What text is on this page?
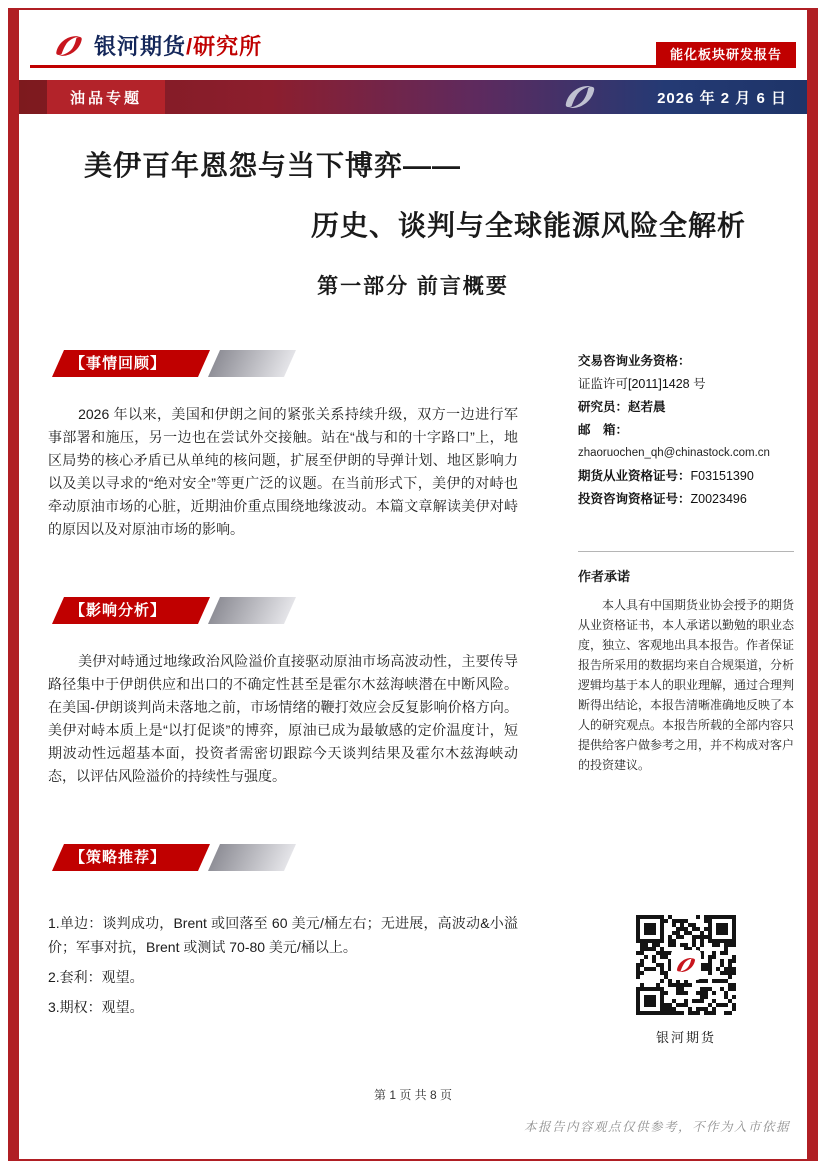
银河期货/研究所	能化板块研发报告
油品专题	2026 年 2 月 6 日
美伊百年恩怨与当下博弈——
历史、谈判与全球能源风险全解析
第一部分 前言概要
【事情回顾】

2026 年以来，美国和伊朗之间的紧张关系持续升级，双方一边进行军事部署和施压，另一边也在尝试外交接触。站在“战与和的十字路口”上，地区局势的核心矛盾已从单纯的核问题，扩展至伊朗的导弹计划、地区影响力以及美以寻求的“绝对安全”等更广泛的议题。在当前形式下，美伊的对峙也牵动原油市场的心脏，近期油价重点围绕地缘波动。本篇文章解读美伊对峙的原因以及对原油市场的影响。

【影响分析】

美伊对峙通过地缘政治风险溢价直接驱动原油市场高波动性，主要传导路径集中于伊朗供应和出口的不确定性甚至是霍尔木兹海峡潜在中断风险。在美国-伊朗谈判尚未落地之前，市场情绪的鞭打效应会反复影响价格方向。美伊对峙本质上是“以打促谈”的博弈，原油已成为最敏感的定价温度计，短期波动性远超基本面，投资者需密切跟踪今天谈判结果及霍尔木兹海峡动态，以评估风险溢价的持续性与强度。

【策略推荐】

1.单边：谈判成功，Brent 或回落至 60 美元/桶左右；无进展，高波动&小溢价；军事对抗，Brent 或测试 70-80 美元/桶以上。

2.套利：观望。

3.期权：观望。

交易咨询业务资格：
证监许可[2011]1428 号
研究员：赵若晨
邮　箱：
zhaoruochen_qh@chinastock.com.cn
期货从业资格证号：F03151390
投资咨询资格证号：Z0023496
作者承诺

本人具有中国期货业协会授予的期货从业资格证书，本人承诺以勤勉的职业态度，独立、客观地出具本报告。作者保证报告所采用的数据均来自合规渠道，分析逻辑均基于本人的职业理解，通过合理判断得出结论，本报告清晰准确地反映了本人的研究观点。本报告所载的全部内容只提供给客户做参考之用，并不构成对客户的投资建议。

银河期货
第 1 页 共 8 页
本报告内容观点仅供参考，不作为入市依据
